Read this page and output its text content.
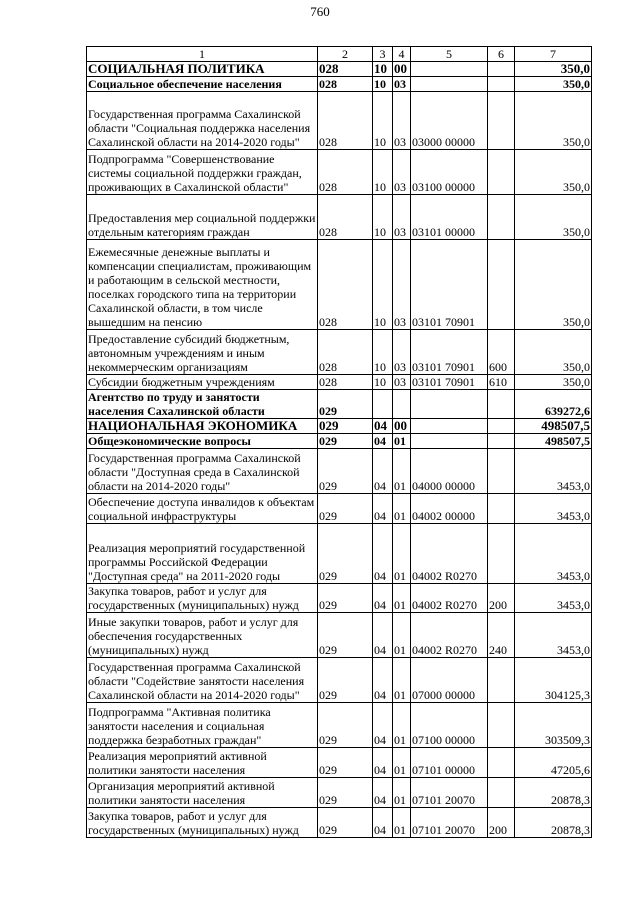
760
1	2	3	4	5	6	7
СОЦИАЛЬНАЯ ПОЛИТИКА	028	10	00			350,0
Социальное обеспечение населения	028	10	03			350,0
Государственная программа Сахалинской области "Социальная поддержка населения Сахалинской области на 2014-2020 годы"	028	10	03	03000 00000		350,0
Подпрограмма "Совершенствование системы социальной поддержки граждан, проживающих в Сахалинской области"	028	10	03	03100 00000		350,0
Предоставления мер социальной поддержки отдельным категориям граждан	028	10	03	03101 00000		350,0
Ежемесячные денежные выплаты и компенсации специалистам, проживающим и работающим в сельской местности, поселках городского типа на территории Сахалинской области, в том числе вышедшим на пенсию	028	10	03	03101 70901		350,0
Предоставление субсидий бюджетным, автономным учреждениям и иным некоммерческим организациям	028	10	03	03101 70901	600	350,0
Субсидии бюджетным учреждениям	028	10	03	03101 70901	610	350,0
Агентство по труду и занятости населения Сахалинской области	029					639272,6
НАЦИОНАЛЬНАЯ ЭКОНОМИКА	029	04	00			498507,5
Общеэкономические вопросы	029	04	01			498507,5
Государственная программа Сахалинской области "Доступная среда в Сахалинской области на 2014-2020 годы"	029	04	01	04000 00000		3453,0
Обеспечение доступа инвалидов к объектам социальной инфраструктуры	029	04	01	04002 00000		3453,0
Реализация мероприятий государственной программы Российской Федерации "Доступная среда" на 2011-2020 годы	029	04	01	04002 R0270		3453,0
Закупка товаров, работ и услуг для государственных (муниципальных) нужд	029	04	01	04002 R0270	200	3453,0
Иные закупки товаров, работ и услуг для обеспечения государственных (муниципальных) нужд	029	04	01	04002 R0270	240	3453,0
Государственная программа Сахалинской области "Содействие занятости населения Сахалинской области на 2014-2020 годы"	029	04	01	07000 00000		304125,3
Подпрограмма "Активная политика занятости населения и социальная поддержка безработных граждан"	029	04	01	07100 00000		303509,3
Реализация мероприятий активной политики занятости населения	029	04	01	07101 00000		47205,6
Организация мероприятий активной политики занятости населения	029	04	01	07101 20070		20878,3
Закупка товаров, работ и услуг для государственных (муниципальных) нужд	029	04	01	07101 20070	200	20878,3
